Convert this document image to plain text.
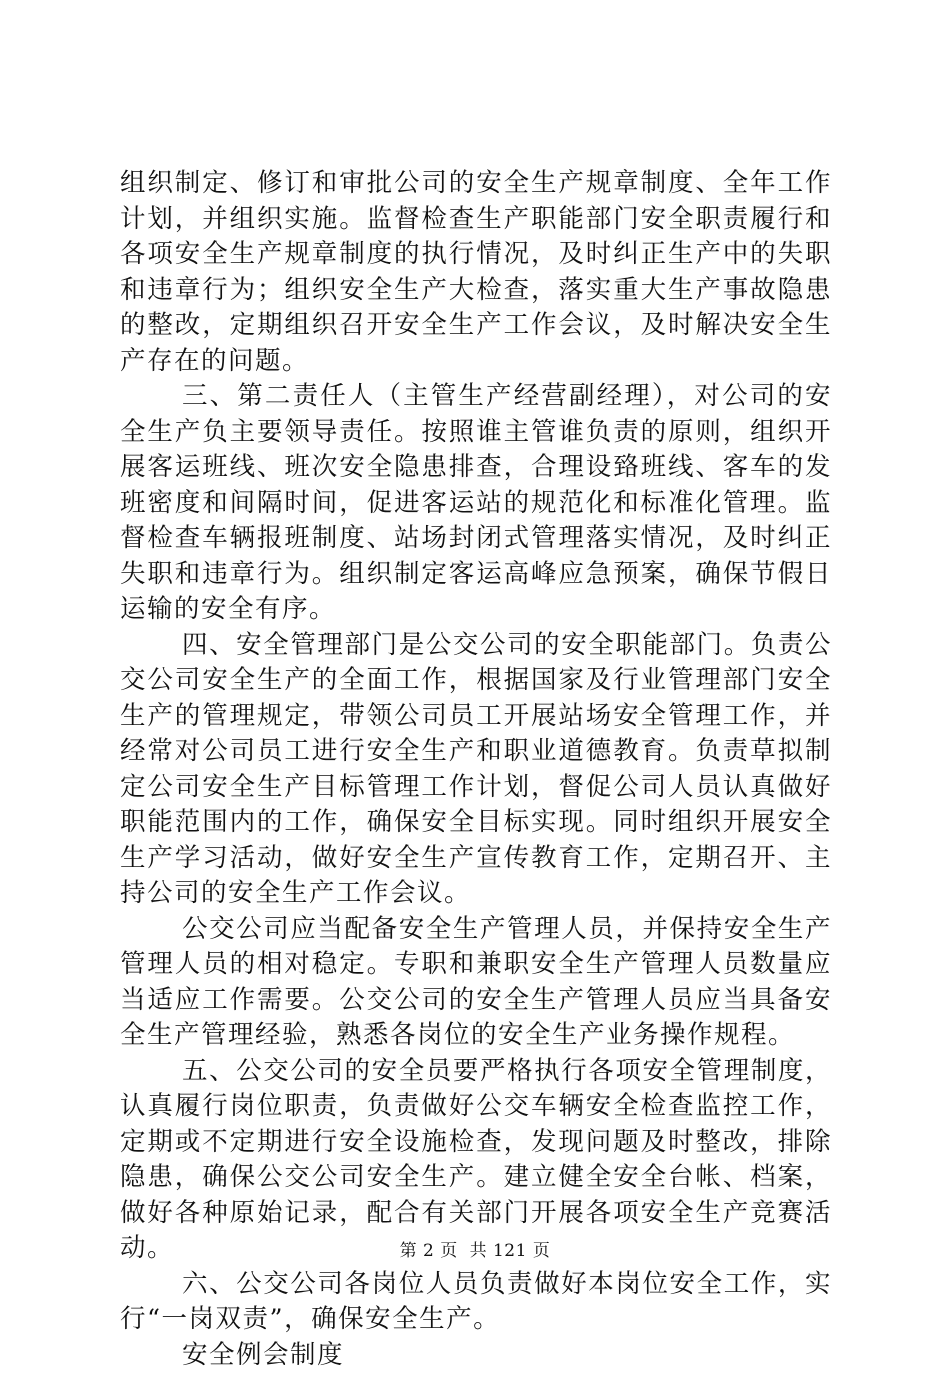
组织制定、修订和审批公司的安全生产规章制度、全年工作计划，并组织实施。监督检查生产职能部门安全职责履行和各项安全生产规章制度的执行情况，及时纠正生产中的失职和违章行为；组织安全生产大检查，落实重大生产事故隐患的整改，定期组织召开安全生产工作会议，及时解决安全生产存在的问题。

三、第二责任人（主管生产经营副经理），对公司的安全生产负主要领导责任。按照谁主管谁负责的原则，组织开展客运班线、班次安全隐患排查，合理设臵班线、客车的发班密度和间隔时间，促进客运站的规范化和标准化管理。监督检查车辆报班制度、站场封闭式管理落实情况，及时纠正失职和违章行为。组织制定客运高峰应急预案，确保节假日运输的安全有序。

四、安全管理部门是公交公司的安全职能部门。负责公交公司安全生产的全面工作，根据国家及行业管理部门安全生产的管理规定，带领公司员工开展站场安全管理工作，并经常对公司员工进行安全生产和职业道德教育。负责草拟制定公司安全生产目标管理工作计划，督促公司人员认真做好职能范围内的工作，确保安全目标实现。同时组织开展安全生产学习活动，做好安全生产宣传教育工作，定期召开、主持公司的安全生产工作会议。

公交公司应当配备安全生产管理人员，并保持安全生产管理人员的相对稳定。专职和兼职安全生产管理人员数量应当适应工作需要。公交公司的安全生产管理人员应当具备安全生产管理经验，熟悉各岗位的安全生产业务操作规程。

五、公交公司的安全员要严格执行各项安全管理制度，认真履行岗位职责，负责做好公交车辆安全检查监控工作，定期或不定期进行安全设施检查，发现问题及时整改，排除隐患，确保公交公司安全生产。建立健全安全台帐、档案，做好各种原始记录，配合有关部门开展各项安全生产竞赛活动。

六、公交公司各岗位人员负责做好本岗位安全工作，实行“一岗双责”，确保安全生产。

安全例会制度

第 2 页  共 121 页
